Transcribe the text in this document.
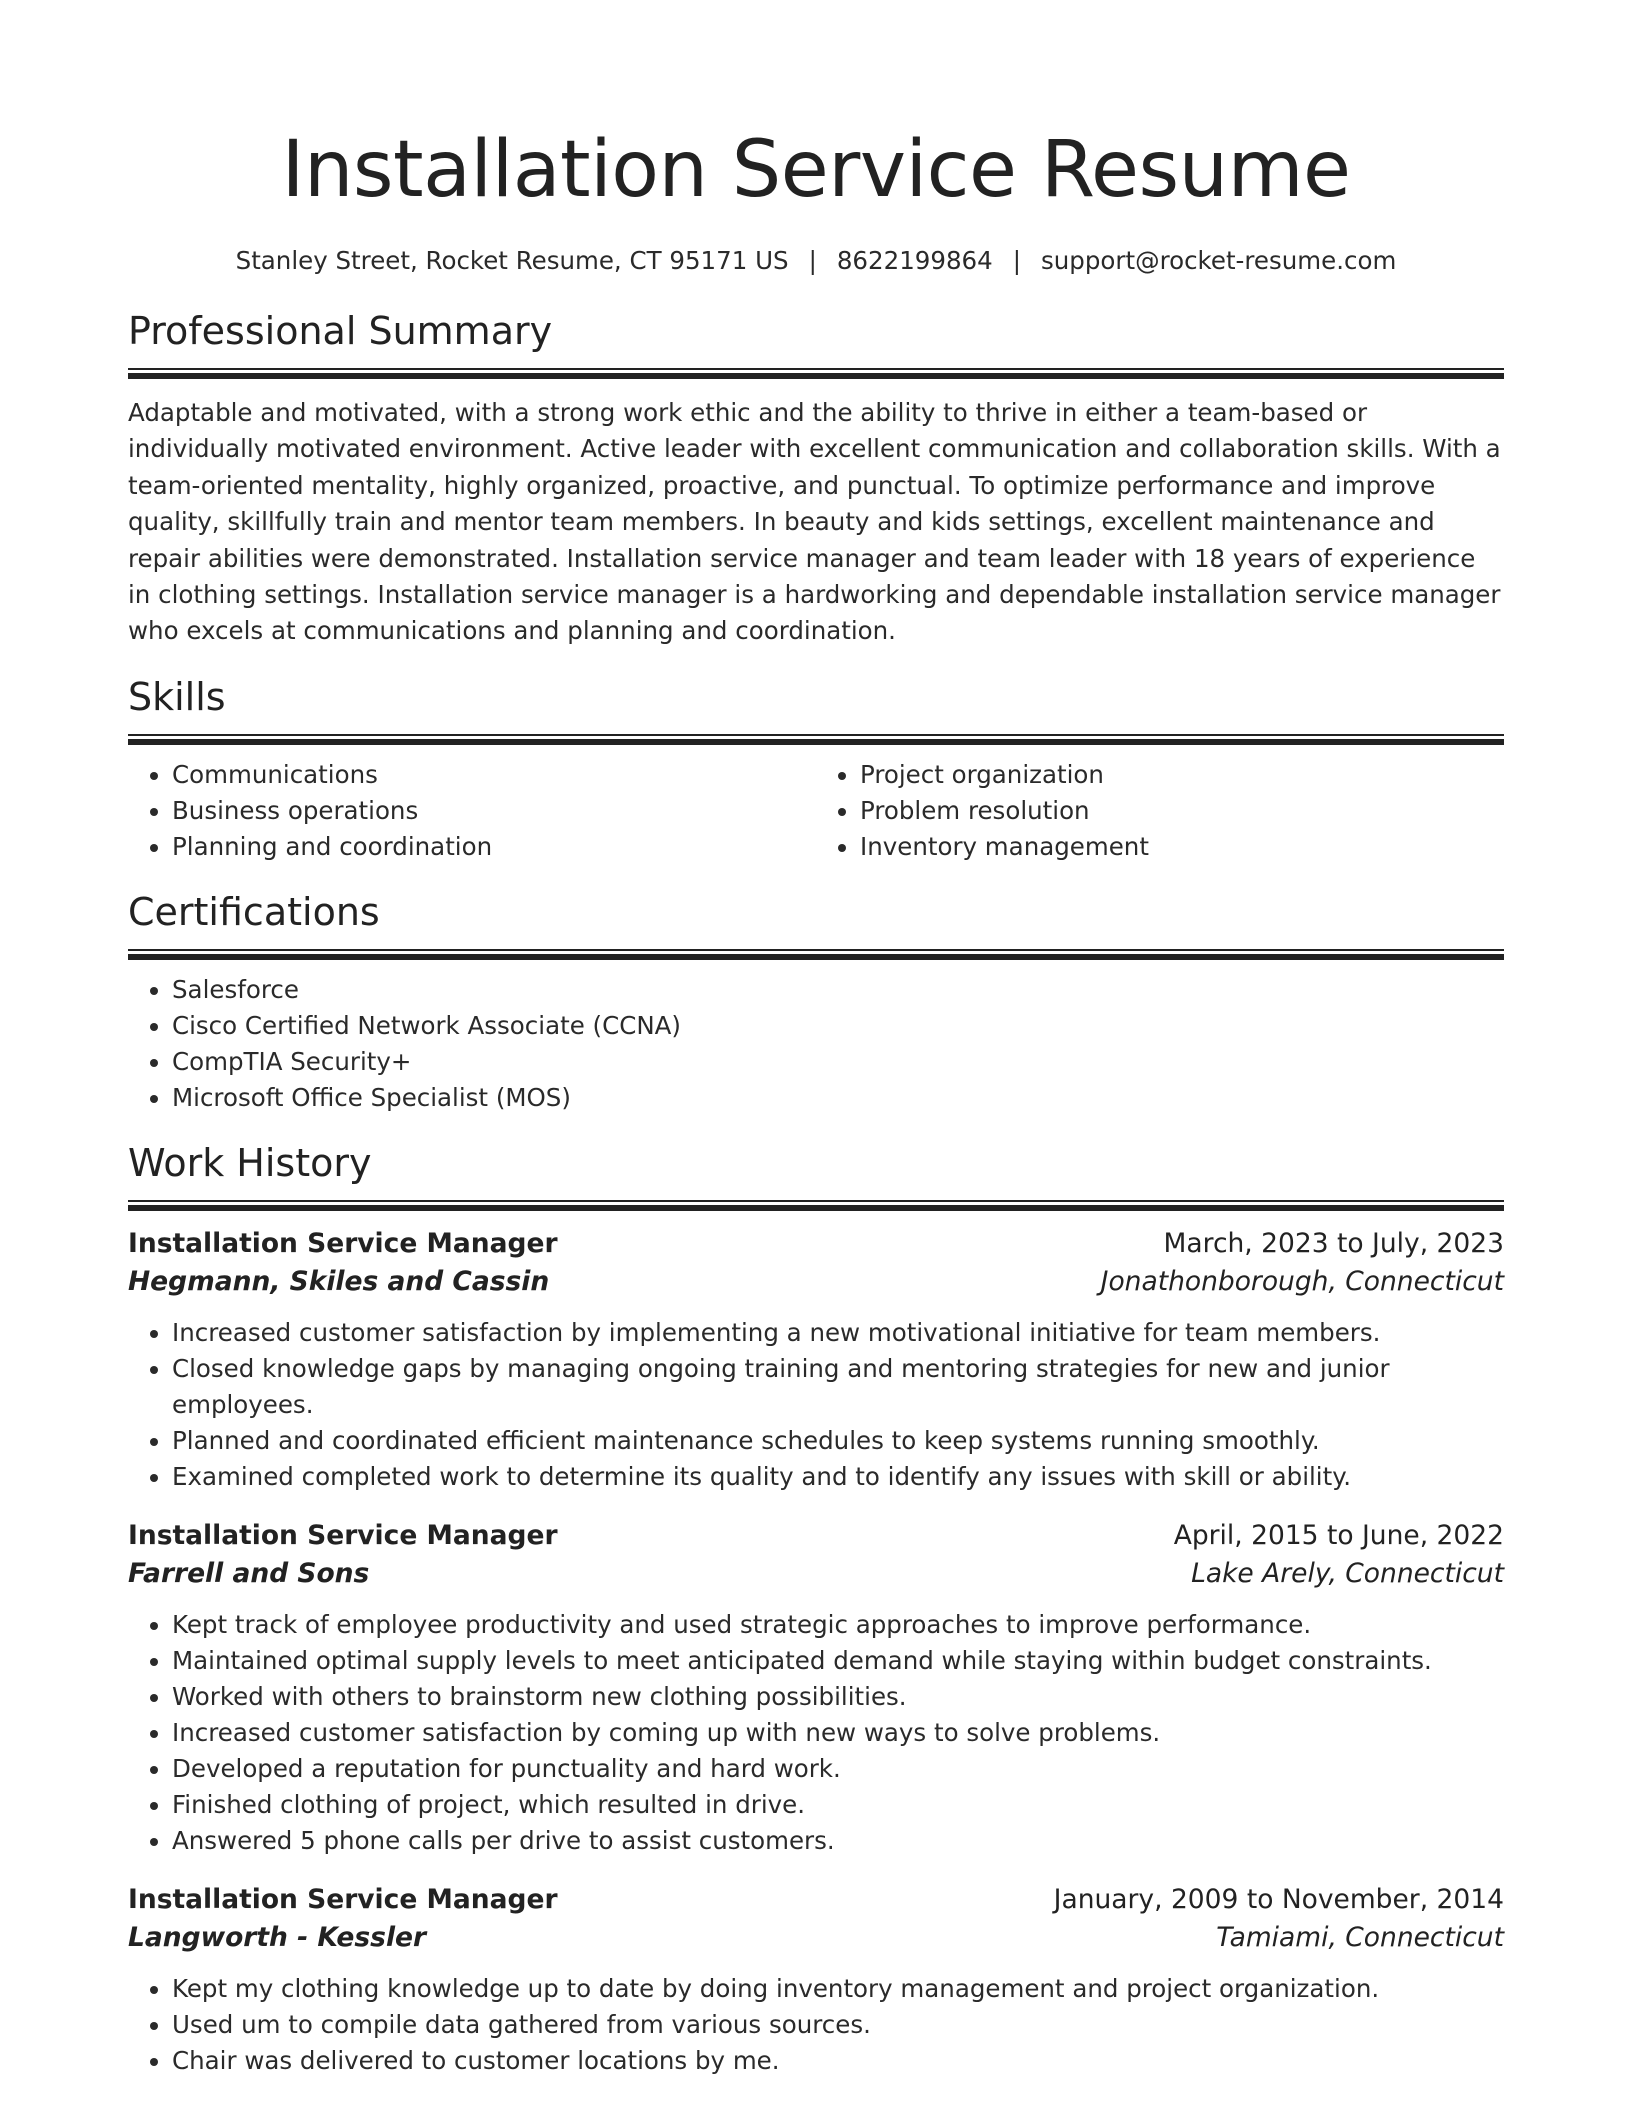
Installation Service Resume
Stanley Street, Rocket Resume, CT 95171 US | 8622199864 | support@rocket-resume.com
Professional Summary

Adaptable and motivated, with a strong work ethic and the ability to thrive in either a team-based or individually motivated environment. Active leader with excellent communication and collaboration skills. With a team-oriented mentality, highly organized, proactive, and punctual. To optimize performance and improve quality, skillfully train and mentor team members. In beauty and kids settings, excellent maintenance and repair abilities were demonstrated. Installation service manager and team leader with 18 years of experience in clothing settings. Installation service manager is a hardworking and dependable installation service manager who excels at communications and planning and coordination.

Skills
• Communications
• Business operations
• Planning and coordination
• Project organization
• Problem resolution
• Inventory management
Certifications
• Salesforce
• Cisco Certified Network Associate (CCNA)
• CompTIA Security+
• Microsoft Office Specialist (MOS)
Work History
Installation Service Manager	March, 2023 to July, 2023
Hegmann, Skiles and Cassin	Jonathonborough, Connecticut
• Increased customer satisfaction by implementing a new motivational initiative for team members.
• Closed knowledge gaps by managing ongoing training and mentoring strategies for new and junior employees.
• Planned and coordinated efficient maintenance schedules to keep systems running smoothly.
• Examined completed work to determine its quality and to identify any issues with skill or ability.
Installation Service Manager	April, 2015 to June, 2022
Farrell and Sons	Lake Arely, Connecticut
• Kept track of employee productivity and used strategic approaches to improve performance.
• Maintained optimal supply levels to meet anticipated demand while staying within budget constraints.
• Worked with others to brainstorm new clothing possibilities.
• Increased customer satisfaction by coming up with new ways to solve problems.
• Developed a reputation for punctuality and hard work.
• Finished clothing of project, which resulted in drive.
• Answered 5 phone calls per drive to assist customers.
Installation Service Manager	January, 2009 to November, 2014
Langworth - Kessler	Tamiami, Connecticut
• Kept my clothing knowledge up to date by doing inventory management and project organization.
• Used um to compile data gathered from various sources.
• Chair was delivered to customer locations by me.
